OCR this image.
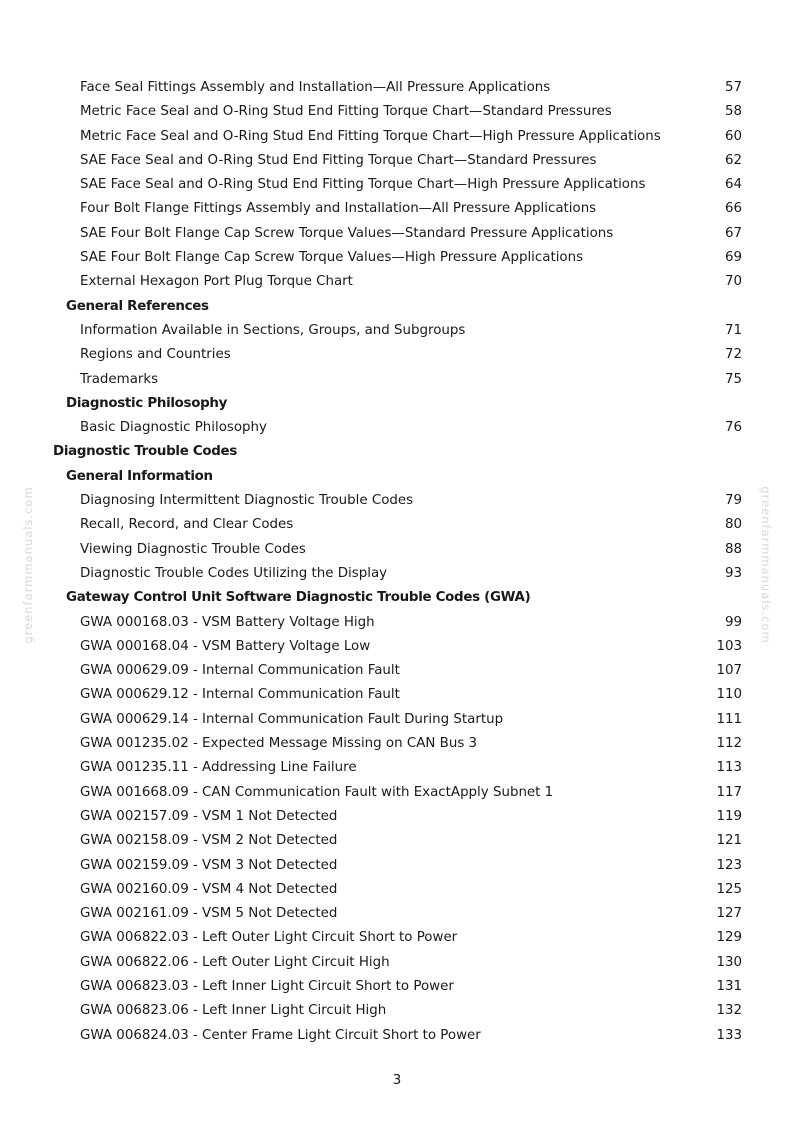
greenfarmmanuals.com	greenfarmmanuals.com
Face Seal Fittings Assembly and Installation—All Pressure Applications	57
Metric Face Seal and O-Ring Stud End Fitting Torque Chart—Standard Pressures	58
Metric Face Seal and O-Ring Stud End Fitting Torque Chart—High Pressure Applications	60
SAE Face Seal and O-Ring Stud End Fitting Torque Chart—Standard Pressures	62
SAE Face Seal and O-Ring Stud End Fitting Torque Chart—High Pressure Applications	64
Four Bolt Flange Fittings Assembly and Installation—All Pressure Applications	66
SAE Four Bolt Flange Cap Screw Torque Values—Standard Pressure Applications	67
SAE Four Bolt Flange Cap Screw Torque Values—High Pressure Applications	69
External Hexagon Port Plug Torque Chart	70
General References
Information Available in Sections, Groups, and Subgroups	71
Regions and Countries	72
Trademarks	75
Diagnostic Philosophy
Basic Diagnostic Philosophy	76
Diagnostic Trouble Codes
General Information
Diagnosing Intermittent Diagnostic Trouble Codes	79
Recall, Record, and Clear Codes	80
Viewing Diagnostic Trouble Codes	88
Diagnostic Trouble Codes Utilizing the Display	93
Gateway Control Unit Software Diagnostic Trouble Codes (GWA)
GWA 000168.03 - VSM Battery Voltage High	99
GWA 000168.04 - VSM Battery Voltage Low	103
GWA 000629.09 - Internal Communication Fault	107
GWA 000629.12 - Internal Communication Fault	110
GWA 000629.14 - Internal Communication Fault During Startup	111
GWA 001235.02 - Expected Message Missing on CAN Bus 3	112
GWA 001235.11 - Addressing Line Failure	113
GWA 001668.09 - CAN Communication Fault with ExactApply Subnet 1	117
GWA 002157.09 - VSM 1 Not Detected	119
GWA 002158.09 - VSM 2 Not Detected	121
GWA 002159.09 - VSM 3 Not Detected	123
GWA 002160.09 - VSM 4 Not Detected	125
GWA 002161.09 - VSM 5 Not Detected	127
GWA 006822.03 - Left Outer Light Circuit Short to Power	129
GWA 006822.06 - Left Outer Light Circuit High	130
GWA 006823.03 - Left Inner Light Circuit Short to Power	131
GWA 006823.06 - Left Inner Light Circuit High	132
GWA 006824.03 - Center Frame Light Circuit Short to Power	133
3
